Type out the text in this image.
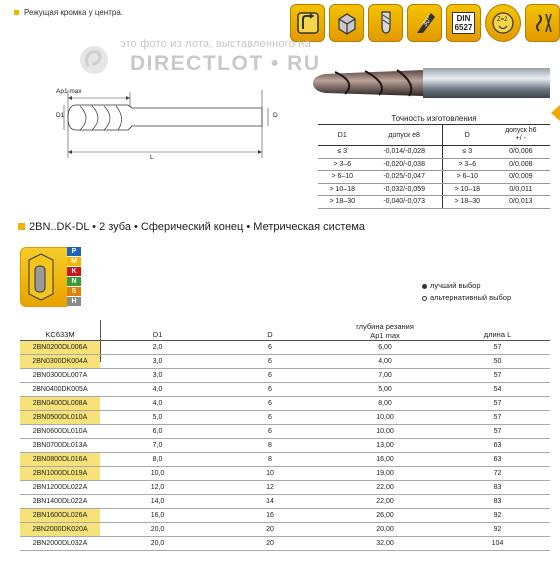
Режущая кромка у центра.
30°	DIN
6527
Z=2
это фото из лота, выставленного на
DIRECTLOT • RU
Ap1 max
D1	D
L
Точность изготовления
D1	допуск e8	D	допуск h6
+/ -
≤ 3	-0,014/-0,028	≤ 3	0/0,006
> 3–6	-0,020/-0,038	> 3–6	0/0,008
> 6–10	-0,025/-0,047	> 6–10	0/0,009
> 10–18	-0,032/-0,059	> 10–18	0/0,011
> 18–30	-0,040/-0,073	> 18–30	0/0,013
2BN..DK-DL • 2 зуба • Сферический конец • Метрическая система
P
M
K
N
S
H
лучший выбор
альтернативный выбор
KC633M	D1	D
глубина резания
Ap1 max	длина L
2BN0200DL006A	2,0	6	6,00	57
2BN0300DK004A	3,0	6	4,00	50
2BN0300DL007A	3,0	6	7,00	57
2BN0400DK005A	4,0	6	5,00	54
2BN0400DL008A	4,0	6	8,00	57
2BN0500DL010A	5,0	6	10,00	57
2BN0600DL010A	6,0	6	10,00	57
2BN0700DL013A	7,0	8	13,00	63
2BN0800DL016A	8,0	8	16,00	63
2BN1000DL019A	10,0	10	19,00	72
2BN1200DL022A	12,0	12	22,00	83
2BN1400DL022A	14,0	14	22,00	83
2BN1600DL026A	16,0	16	26,00	92
2BN2000DK020A	20,0	20	20,00	92
2BN2000DL032A	20,0	20	32,00	104
